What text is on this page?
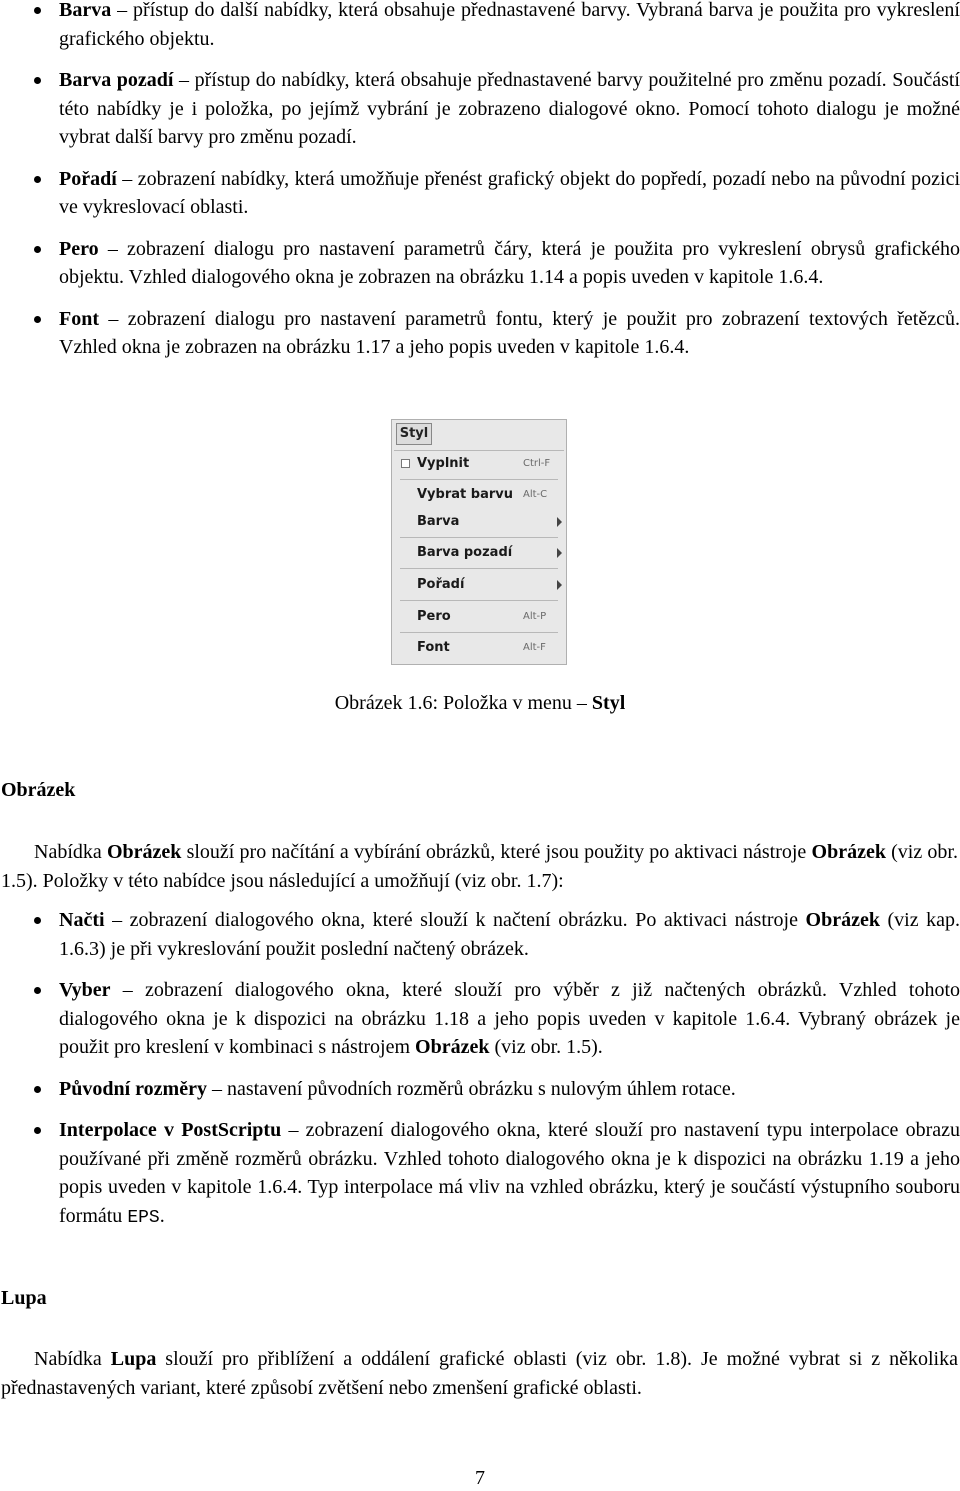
Barva – přístup do další nabídky, která obsahuje přednastavené barvy. Vybraná barva je použita pro vykreslení grafického objektu.
Barva pozadí – přístup do nabídky, která obsahuje přednastavené barvy použitelné pro změnu pozadí. Součástí této nabídky je i položka, po jejímž vybrání je zobrazeno dialogové okno. Pomocí tohoto dialogu je možné vybrat další barvy pro změnu pozadí.
Pořadí – zobrazení nabídky, která umožňuje přenést grafický objekt do popředí, pozadí nebo na původní pozici ve vykreslovací oblasti.
Pero – zobrazení dialogu pro nastavení parametrů čáry, která je použita pro vykreslení obrysů grafického objektu. Vzhled dialogového okna je zobrazen na obrázku 1.14 a popis uveden v kapitole 1.6.4.
Font – zobrazení dialogu pro nastavení parametrů fontu, který je použit pro zobrazení textových řetězců. Vzhled okna je zobrazen na obrázku 1.17 a jeho popis uveden v kapitole 1.6.4.
Styl
Vyplnit	Ctrl-F
Vybrat barvu Alt-C
Barva
Barva pozadí
Pořadí
Pero	Alt-P
Font	Alt-F
Obrázek 1.6: Položka v menu – Styl
Obrázek
Nabídka Obrázek slouží pro načítání a vybírání obrázků, které jsou použity po aktivaci nástroje Obrázek (viz obr. 1.5). Položky v této nabídce jsou následující a umožňují (viz obr. 1.7):
Načti – zobrazení dialogového okna, které slouží k načtení obrázku. Po aktivaci nástroje Obrázek (viz kap. 1.6.3) je při vykreslování použit poslední načtený obrázek.
Vyber – zobrazení dialogového okna, které slouží pro výběr z již načtených obrázků. Vzhled tohoto dialogového okna je k dispozici na obrázku 1.18 a jeho popis uveden v kapitole 1.6.4. Vybraný obrázek je použit pro kreslení v kombinaci s nástrojem Obrázek (viz obr. 1.5).
Původní rozměry – nastavení původních rozměrů obrázku s nulovým úhlem rotace.
Interpolace v PostScriptu – zobrazení dialogového okna, které slouží pro nastavení typu interpolace obrazu používané při změně rozměrů obrázku. Vzhled tohoto dialogového okna je k dispozici na obrázku 1.19 a jeho popis uveden v kapitole 1.6.4. Typ interpolace má vliv na vzhled obrázku, který je součástí výstupního souboru formátu EPS.
Lupa
Nabídka Lupa slouží pro přiblížení a oddálení grafické oblasti (viz obr. 1.8). Je možné vybrat si z několika přednastavených variant, které způsobí zvětšení nebo zmenšení grafické oblasti.
7
